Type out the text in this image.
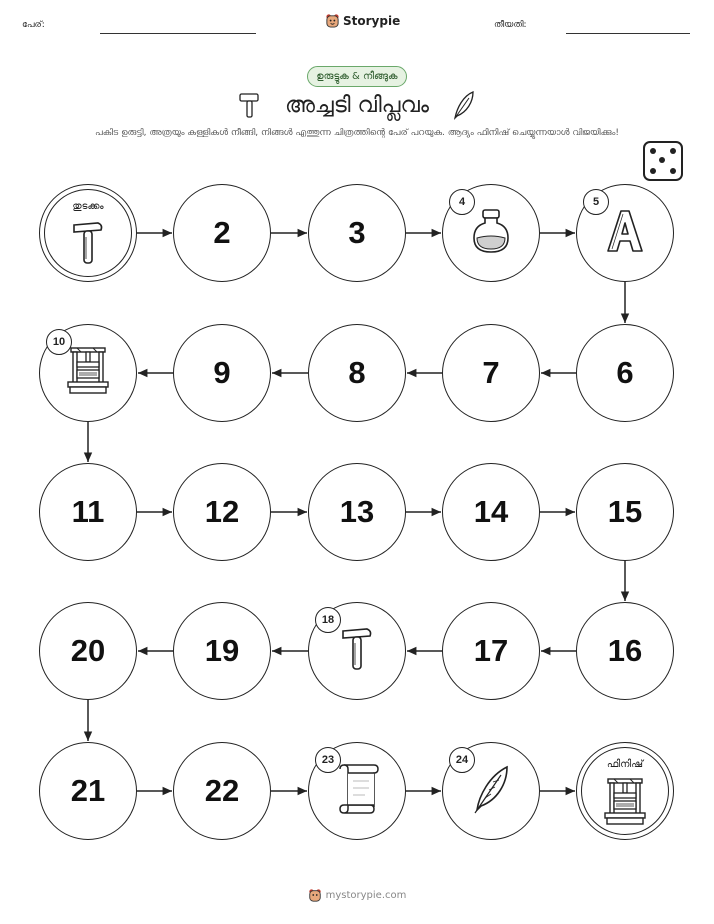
പേര്:	Storypie	തീയതി:
ഉരുട്ടുക & നീങ്ങുക
അച്ചടി വിപ്ലവം
പകിട ഉരുട്ടി, അത്രയും കള്ളികൾ നീങ്ങി, നിങ്ങൾ എത്തുന്ന ചിത്രത്തിന്റെ പേര് പറയുക. ആദ്യം ഫിനിഷ് ചെയ്യുന്നയാൾ വിജയിക്കും!
തുടക്കം
2	3
4	5
6
7
8
9
10
11	12	13	14	15
16
17
18
19
20
21	22
23	24	ഫിനിഷ്
mystorypie.com
